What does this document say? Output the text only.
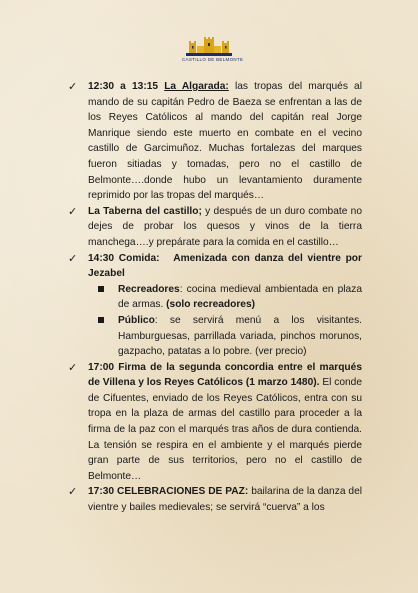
CASTILLO DE BELMONTE

✓	12:30 a 13:15 La Algarada: las tropas del marqués al mando de su capitán Pedro de Baeza se enfrentan a las de los Reyes Católicos al mando del capitán real Jorge Manrique siendo este muerto en combate en el vecino castillo de Garcimuñoz. Muchas fortalezas del marques fueron sitiadas y tomadas, pero no el castillo de Belmonte….donde hubo un levantamiento duramente reprimido por las tropas del marqués…

✓	La Taberna del castillo; y después de un duro combate no dejes de probar los quesos y vinos de la tierra manchega….y prepárate para la comida en el castillo…

✓	14:30 Comida:   Amenizada con danza del vientre por Jezabel

Recreadores: cocina medieval ambientada en plaza de armas. (solo recreadores)

Público: se servirá menú a los visitantes. Hamburguesas, parrillada variada, pinchos morunos, gazpacho, patatas a lo pobre. (ver precio)

✓	17:00 Firma de la segunda concordia entre el marqués de Villena y los Reyes Católicos (1 marzo 1480). El conde de Cifuentes, enviado de los Reyes Católicos, entra con su tropa en la plaza de armas del castillo para proceder a la firma de la paz con el marqués tras años de dura contienda. La tensión se respira en el ambiente y el marqués pierde gran parte de sus territorios, pero no el castillo de Belmonte…

✓	17:30 CELEBRACIONES DE PAZ: bailarina de la danza del vientre y bailes medievales; se servirá “cuerva” a los
